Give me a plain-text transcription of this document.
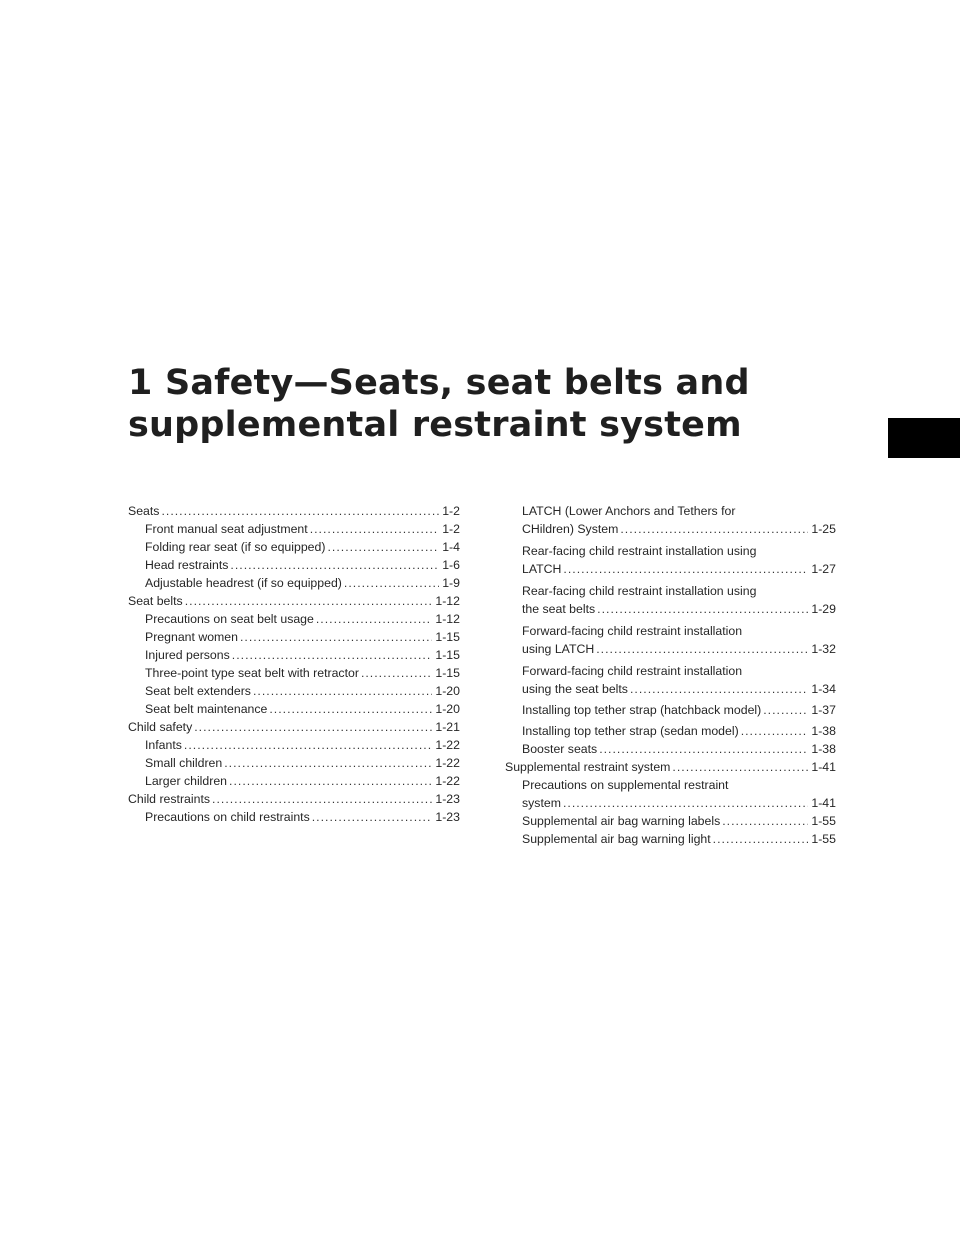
1 Safety—Seats, seat belts and
supplemental restraint system
Seats . . .	1-2
Front manual seat adjustment . . .	1-2
Folding rear seat (if so equipped) . . .	1-4
Head restraints . . .	1-6
Adjustable headrest (if so equipped) . . .	1-9
Seat belts . . .	1-12
Precautions on seat belt usage . . .	1-12
Pregnant women . . .	1-15
Injured persons . . .	1-15
Three-point type seat belt with retractor . . .	1-15
Seat belt extenders . . .	1-20
Seat belt maintenance . . .	1-20
Child safety . . .	1-21
Infants . . .	1-22
Small children . . .	1-22
Larger children . . .	1-22
Child restraints . . .	1-23
Precautions on child restraints . . .	1-23
LATCH (Lower Anchors and Tethers for
CHildren) System . . .	1-25
Rear-facing child restraint installation using
LATCH . . .	1-27
Rear-facing child restraint installation using
the seat belts . . .	1-29
Forward-facing child restraint installation
using LATCH . . .	1-32
Forward-facing child restraint installation
using the seat belts . . .	1-34
Installing top tether strap (hatchback model) . . .	1-37
Installing top tether strap (sedan model) . . .	1-38
Booster seats . . .	1-38
Supplemental restraint system . . .	1-41
Precautions on supplemental restraint
system . . .	1-41
Supplemental air bag warning labels . . .	1-55
Supplemental air bag warning light . . .	1-55
